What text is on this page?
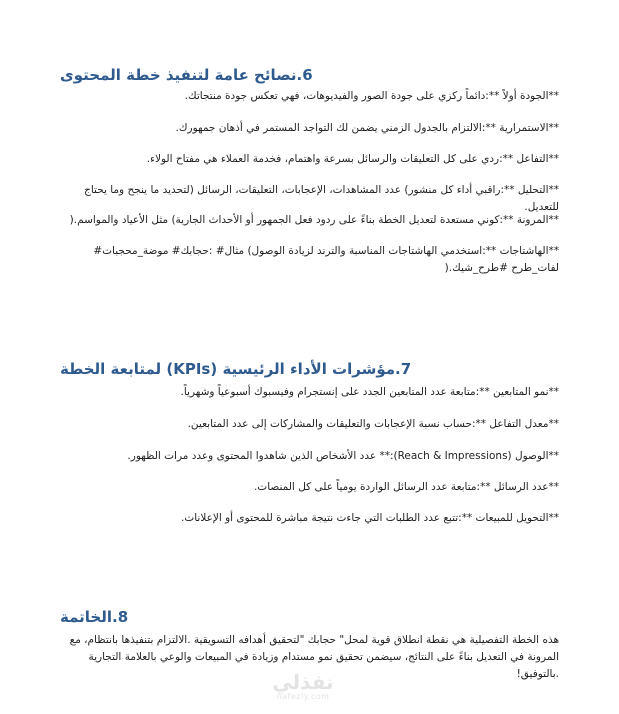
6.نصائح عامة لتنفيذ خطة المحتوى
**الجودة أولاً **:دائماً ركزي على جودة الصور والفيديوهات، فهي تعكس جودة منتجاتك.
**الاستمرارية **:الالتزام بالجدول الزمني يضمن لك التواجد المستمر في أذهان جمهورك.
**التفاعل **:ردي على كل التعليقات والرسائل بسرعة واهتمام، فخدمة العملاء هي مفتاح الولاء.
**التحليل **:راقبي أداء كل منشور) عدد المشاهدات، الإعجابات، التعليقات، الرسائل (لتحديد ما ينجح وما يحتاج للتعديل.
**المرونة **:كوني مستعدة لتعديل الخطة بناءً على ردود فعل الجمهور أو الأحداث الجارية) مثل الأعياد والمواسم.(
**الهاشتاجات **:استخدمي الهاشتاجات المناسبة والترند لزيادة الوصول) مثال# :حجابك# موضة_محجبات# لفات_طرح #طرح_شيك.(
7.مؤشرات الأداء الرئيسية (KPIs) لمتابعة الخطة
**نمو المتابعين **:متابعة عدد المتابعين الجدد على إنستجرام وفيسبوك أسبوعياً وشهرياً.
**معدل التفاعل **:حساب نسبة الإعجابات والتعليقات والمشاركات إلى عدد المتابعين.
**الوصول (Reach & Impressions):** عدد الأشخاص الذين شاهدوا المحتوى وعدد مرات الظهور.
**عدد الرسائل **:متابعة عدد الرسائل الواردة يومياً على كل المنصات.
**التحويل للمبيعات **:تتبع عدد الطلبات التي جاءت نتيجة مباشرة للمحتوى أو الإعلانات.
8.الخاتمة
هذه الخطة التفصيلية هي نقطة انطلاق قوية لمحل" حجابك "لتحقيق أهدافه التسويقية .الالتزام بتنفيذها بانتظام، مع المرونة في التعديل بناءً على النتائج، سيضمن تحقيق نمو مستدام وزيادة في المبيعات والوعي بالعلامة التجارية .بالتوفيق!
نفذلي
nafezly.com
